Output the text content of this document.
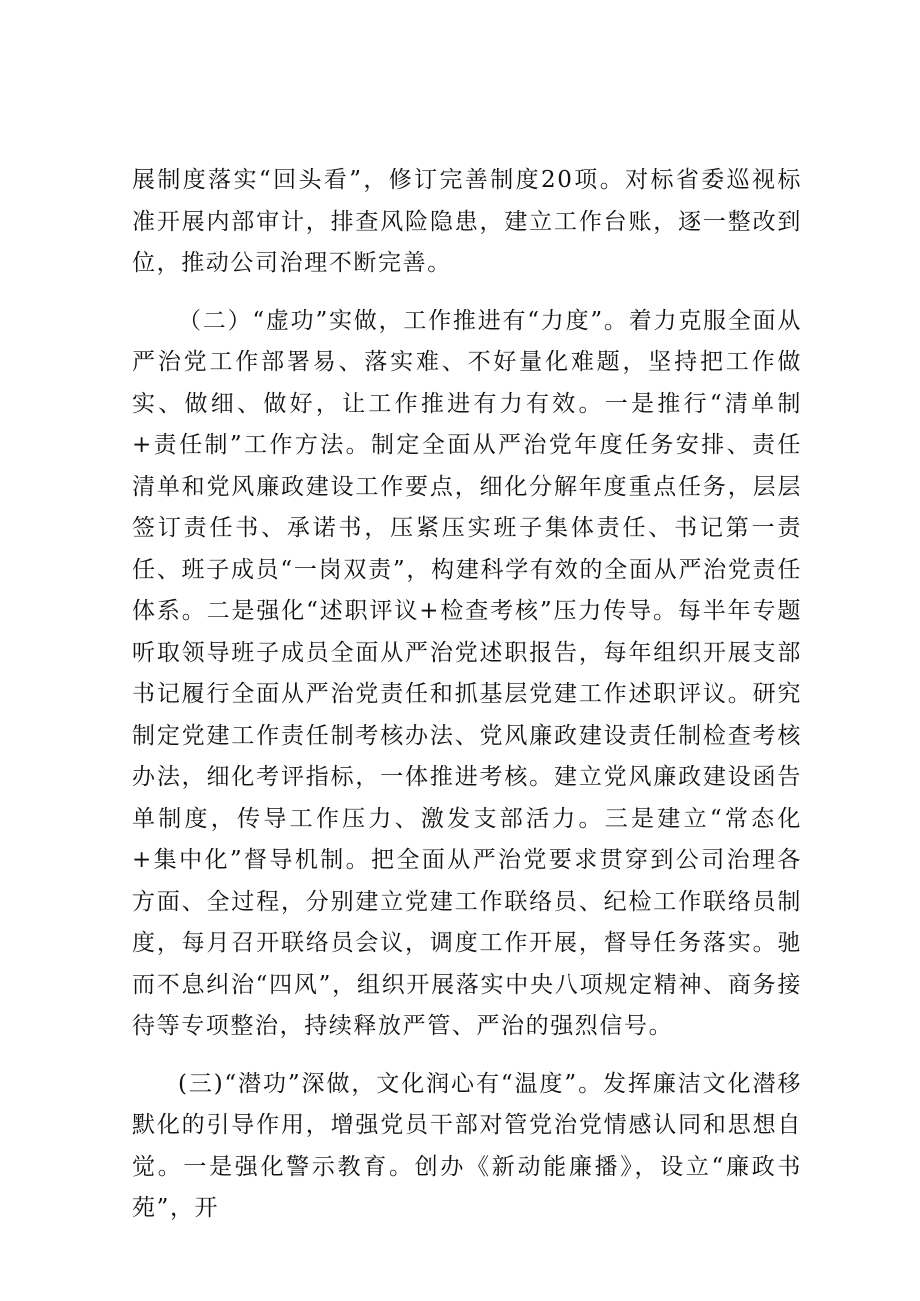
展制度落实“回头看”，修订完善制度20项。对标省委巡视标准开展内部审计，排查风险隐患，建立工作台账，逐一整改到位，推动公司治理不断完善。

（二）“虚功”实做，工作推进有“力度”。着力克服全面从严治党工作部署易、落实难、不好量化难题，坚持把工作做实、做细、做好，让工作推进有力有效。一是推行“清单制+责任制”工作方法。制定全面从严治党年度任务安排、责任清单和党风廉政建设工作要点，细化分解年度重点任务，层层签订责任书、承诺书，压紧压实班子集体责任、书记第一责任、班子成员“一岗双责”，构建科学有效的全面从严治党责任体系。二是强化“述职评议+检查考核”压力传导。每半年专题听取领导班子成员全面从严治党述职报告，每年组织开展支部书记履行全面从严治党责任和抓基层党建工作述职评议。研究制定党建工作责任制考核办法、党风廉政建设责任制检查考核办法，细化考评指标，一体推进考核。建立党风廉政建设函告单制度，传导工作压力、激发支部活力。三是建立“常态化+集中化”督导机制。把全面从严治党要求贯穿到公司治理各方面、全过程，分别建立党建工作联络员、纪检工作联络员制度，每月召开联络员会议，调度工作开展，督导任务落实。驰而不息纠治“四风”，组织开展落实中央八项规定精神、商务接待等专项整治，持续释放严管、严治的强烈信号。

(三)“潜功”深做，文化润心有“温度”。发挥廉洁文化潜移默化的引导作用，增强党员干部对管党治党情感认同和思想自觉。一是强化警示教育。创办《新动能廉播》，设立“廉政书苑”，开
